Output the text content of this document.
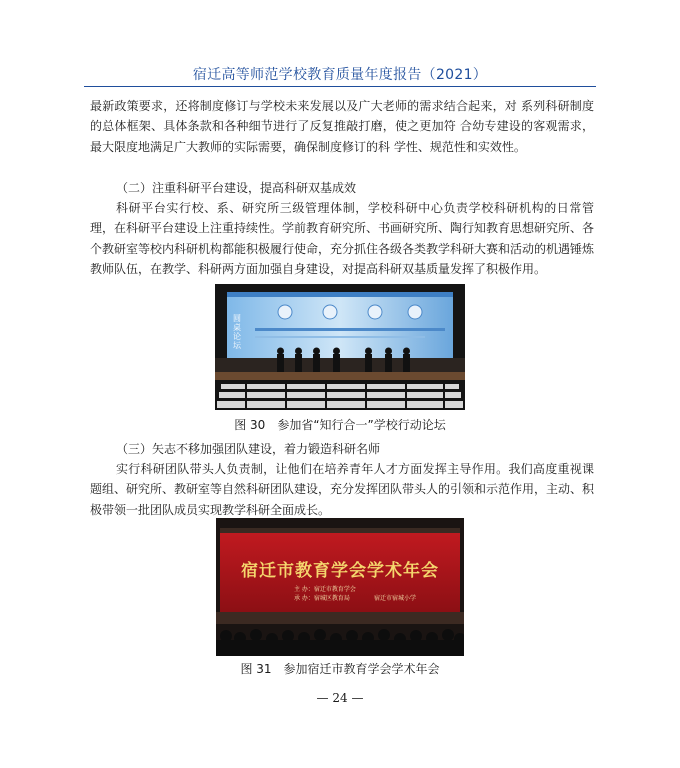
宿迁高等师范学校教育质量年度报告（2021）

最新政策要求，还将制度修订与学校未来发展以及广大老师的需求结合起来，对 系列科研制度的总体框架、具体条款和各种细节进行了反复推敲打磨，使之更加符 合幼专建设的客观需求，最大限度地满足广大教师的实际需要，确保制度修订的科 学性、规范性和实效性。

（二）注重科研平台建设，提高科研双基成效

科研平台实行校、系、研究所三级管理体制，学校科研中心负责学校科研机构的日常管理，在科研平台建设上注重持续性。学前教育研究所、书画研究所、陶行知教育思想研究所、各个教研室等校内科研机构都能积极履行使命，充分抓住各级各类教学科研大赛和活动的机遇锤炼教师队伍，在教学、科研两方面加强自身建设，对提高科研双基质量发挥了积极作用。

圆桌论坛
图 30　参加省“知行合一”学校行动论坛
（三）矢志不移加强团队建设，着力锻造科研名师

实行科研团队带头人负责制，让他们在培养青年人才方面发挥主导作用。我们高度重视课题组、研究所、教研室等自然科研团队建设，充分发挥团队带头人的引领和示范作用，主动、积极带领一批团队成员实现教学科研全面成长。

宿迁市教育学会学术年会
主 办：宿迁市教育学会
承 办：宿城区教育局	宿迁市宿城小学
图 31　参加宿迁市教育学会学术年会
— 24 —
